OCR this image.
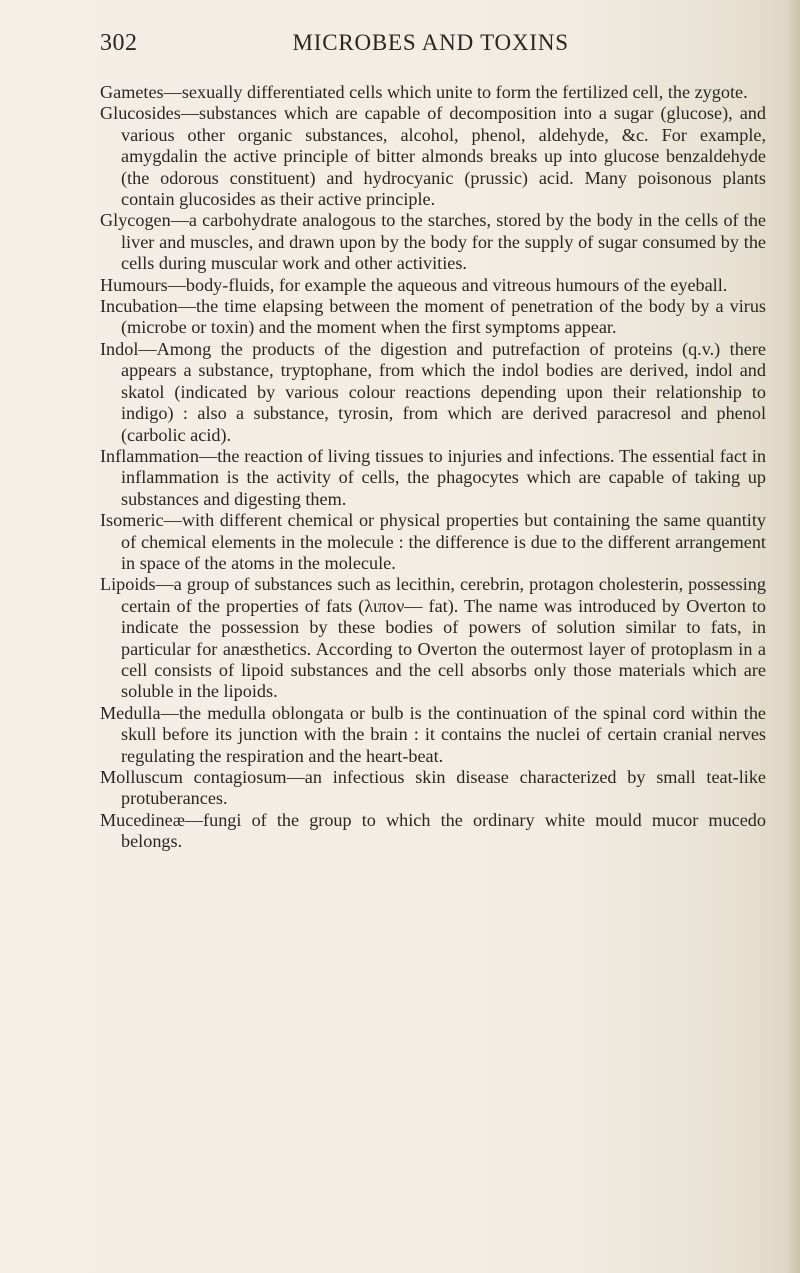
302	MICROBES AND TOXINS

Gametes—sexually differentiated cells which unite to form the fertilized cell, the zygote.

Glucosides—substances which are capable of decomposition into a sugar (glucose), and various other organic substances, alcohol, phenol, aldehyde, &c. For example, amygdalin the active principle of bitter almonds breaks up into glucose benzaldehyde (the odorous constituent) and hydrocyanic (prussic) acid. Many poisonous plants contain glucosides as their active principle.

Glycogen—a carbohydrate analogous to the starches, stored by the body in the cells of the liver and muscles, and drawn upon by the body for the supply of sugar consumed by the cells during muscular work and other activities.

Humours—body-fluids, for example the aqueous and vitreous humours of the eyeball.

Incubation—the time elapsing between the moment of penetration of the body by a virus (microbe or toxin) and the moment when the first symptoms appear.

Indol—Among the products of the digestion and putrefaction of proteins (q.v.) there appears a substance, tryptophane, from which the indol bodies are derived, indol and skatol (indicated by various colour reactions depending upon their relationship to indigo) : also a substance, tyrosin, from which are derived paracresol and phenol (carbolic acid).

Inflammation—the reaction of living tissues to injuries and infections. The essential fact in inflammation is the activity of cells, the phagocytes which are capable of taking up substances and digesting them.

Isomeric—with different chemical or physical properties but containing the same quantity of chemical elements in the molecule : the difference is due to the different arrangement in space of the atoms in the molecule.

Lipoids—a group of substances such as lecithin, cerebrin, protagon cholesterin, possessing certain of the properties of fats (λιπον— fat). The name was introduced by Overton to indicate the possession by these bodies of powers of solution similar to fats, in particular for anæsthetics. According to Overton the outermost layer of protoplasm in a cell consists of lipoid substances and the cell absorbs only those materials which are soluble in the lipoids.

Medulla—the medulla oblongata or bulb is the continuation of the spinal cord within the skull before its junction with the brain : it contains the nuclei of certain cranial nerves regulating the respiration and the heart-beat.

Molluscum contagiosum—an infectious skin disease characterized by small teat-like protuberances.

Mucedineæ—fungi of the group to which the ordinary white mould mucor mucedo belongs.
